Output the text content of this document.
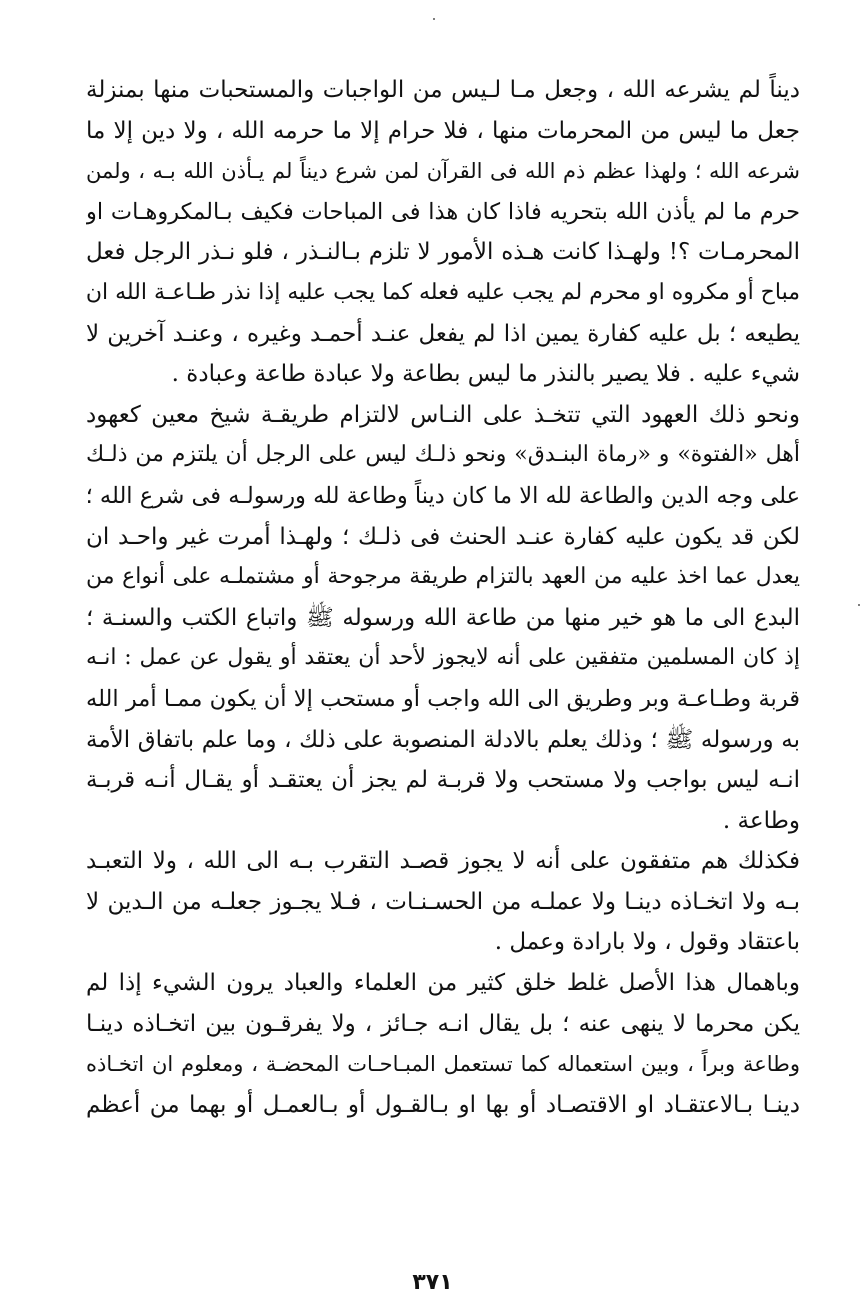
ديناً لم يشرعه الله ، وجعل مـا لـيس من الواجبات والمستحبات منها بمنزلة
جعل ما ليس من المحرمات منها ، فلا حرام إلا ما حرمه الله ، ولا دين إلا ما
شرعه الله ؛ ولهذا عظم ذم الله فى القرآن لمن شرع ديناً لم يـأذن الله بـه ، ولمن
حرم ما لم يأذن الله بتحريه فاذا كان هذا فى المباحات فكيف بـالمكروهـات او
المحرمـات ؟! ولهـذا كانت هـذه الأمور لا تلزم بـالنـذر ، فلو نـذر الرجل فعل
مباح أو مكروه او محرم لم يجب عليه فعله كما يجب عليه إذا نذر طـاعـة الله ان
يطيعه ؛ بل عليه كفارة يمين اذا لم يفعل عنـد أحمـد وغيره ، وعنـد آخرين لا
شيء عليه . فلا يصير بالنذر ما ليس بطاعة ولا عبادة طاعة وعبادة .
ونحو ذلك العهود التي تتخـذ على النـاس لالتزام طريقـة شيخ معين كعهود
أهل «الفتوة» و «رماة البنـدق» ونحو ذلـك ليس على الرجل أن يلتزم من ذلـك
على وجه الدين والطاعة لله الا ما كان ديناً وطاعة لله ورسولـه فى شرع الله ؛
لكن قد يكون عليه كفارة عنـد الحنث فى ذلـك ؛ ولهـذا أمرت غير واحـد ان
يعدل عما اخذ عليه من العهد بالتزام طريقة مرجوحة أو مشتملـه على أنواع من
البدع الى ما هو خير منها من طاعة الله ورسوله ﷺ واتباع الكتب والسنـة ؛
إذ كان المسلمين متفقين على أنه لايجوز لأحد أن يعتقد أو يقول عن عمل : انـه
قربة وطـاعـة وبر وطريق الى الله واجب أو مستحب إلا أن يكون ممـا أمر الله
به ورسوله ﷺ ؛ وذلك يعلم بالادلة المنصوبة على ذلك ، وما علم باتفاق الأمة
انـه ليس بواجب ولا مستحب ولا قربـة لم يجز أن يعتقـد أو يقـال أنـه قربـة
وطاعة .
فكذلك هم متفقون على أنه لا يجوز قصـد التقرب بـه الى الله ، ولا التعبـد
بـه ولا اتخـاذه دينـا ولا عملـه من الحسـنـات ، فـلا يجـوز جعلـه من الـدين لا
باعتقاد وقول ، ولا بارادة وعمل .
وباهمال هذا الأصل غلط خلق كثير من العلماء والعباد يرون الشيء إذا لم
يكن محرما لا ينهى عنه ؛ بل يقال انـه جـائز ، ولا يفرقـون بين اتخـاذه دينـا
وطاعة وبراً ، وبين استعماله كما تستعمل المبـاحـات المحضـة ، ومعلوم ان اتخـاذه
دينـا بـالاعتقـاد او الاقتصـاد أو بها او بـالقـول أو بـالعمـل أو بهما من أعظم
٣٧١
